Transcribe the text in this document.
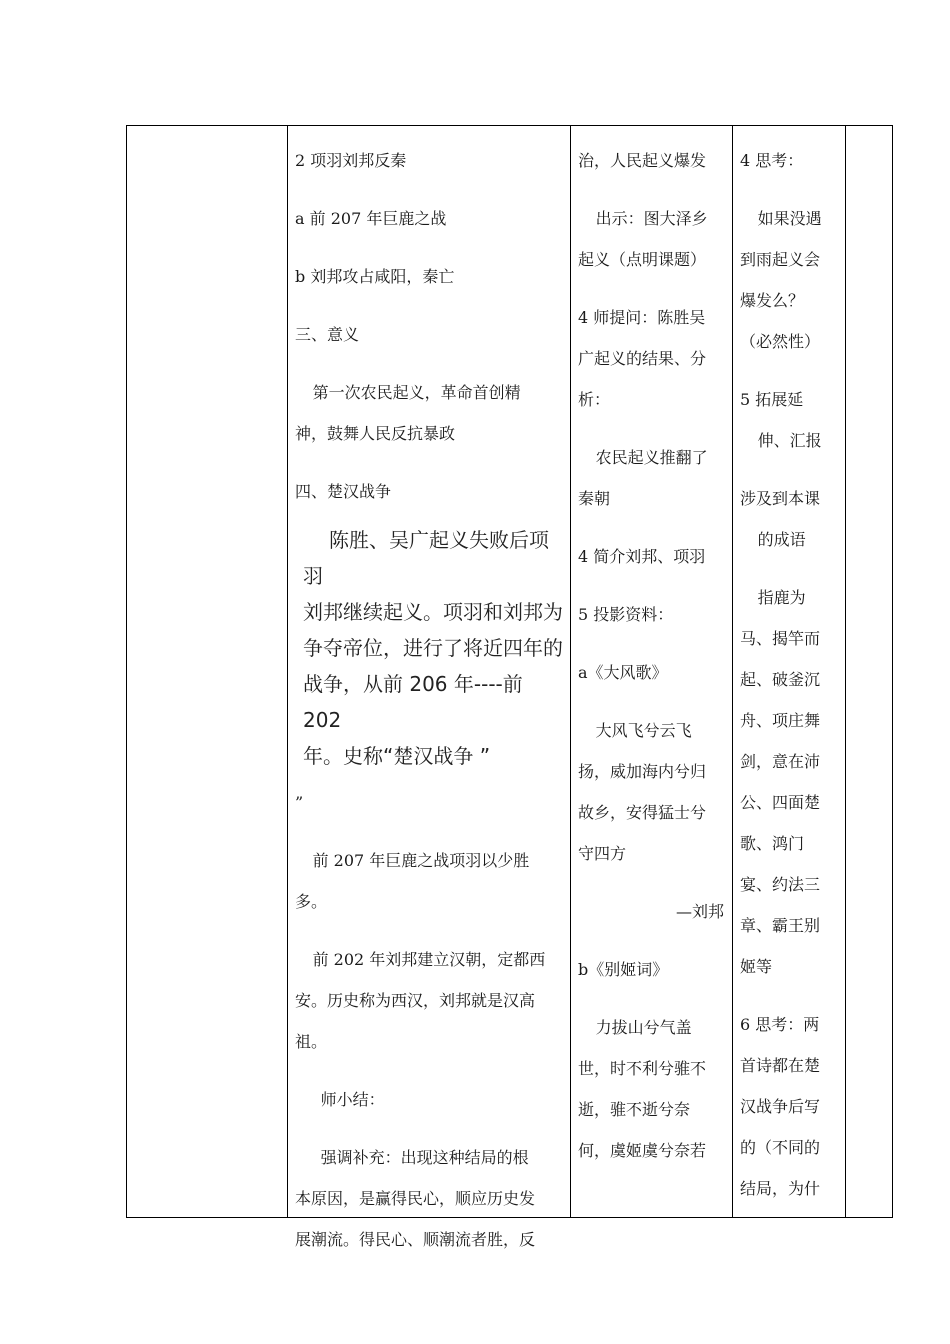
2 项羽刘邦反秦

a 前 207 年巨鹿之战

b 刘邦攻占咸阳，秦亡

三、意义

第一次农民起义，革命首创精

神，鼓舞人民反抗暴政

四、楚汉战争

陈胜、吴广起义失败后项羽
刘邦继续起义。项羽和刘邦为
争夺帝位，进行了将近四年的
战争，从前 206 年----前 202
年。史称“楚汉战争 ”

”

前 207 年巨鹿之战项羽以少胜

多。

前 202 年刘邦建立汉朝，定都西

安。历史称为西汉，刘邦就是汉高

祖。

师小结：

强调补充：出现这种结局的根

本原因，是赢得民心，顺应历史发

展潮流。得民心、顺潮流者胜，反

治，人民起义爆发

出示：图大泽乡

起义（点明课题）

4 师提问：陈胜吴

广起义的结果、分

析：

农民起义推翻了

秦朝

4 简介刘邦、项羽

5 投影资料：

a《大风歌》

大风飞兮云飞

扬，威加海内兮归

故乡，安得猛士兮

守四方

—刘邦

b《别姬词》

力拔山兮气盖

世，时不利兮骓不

逝，骓不逝兮奈

何，虞姬虞兮奈若

4 思考：

如果没遇

到雨起义会

爆发么？

（必然性）

5 拓展延

伸、汇报

涉及到本课

的成语

指鹿为

马、揭竿而

起、破釜沉

舟、项庄舞

剑，意在沛

公、四面楚

歌、鸿门

宴、约法三

章、霸王别

姬等

6 思考：两

首诗都在楚

汉战争后写

的（不同的

结局，为什
